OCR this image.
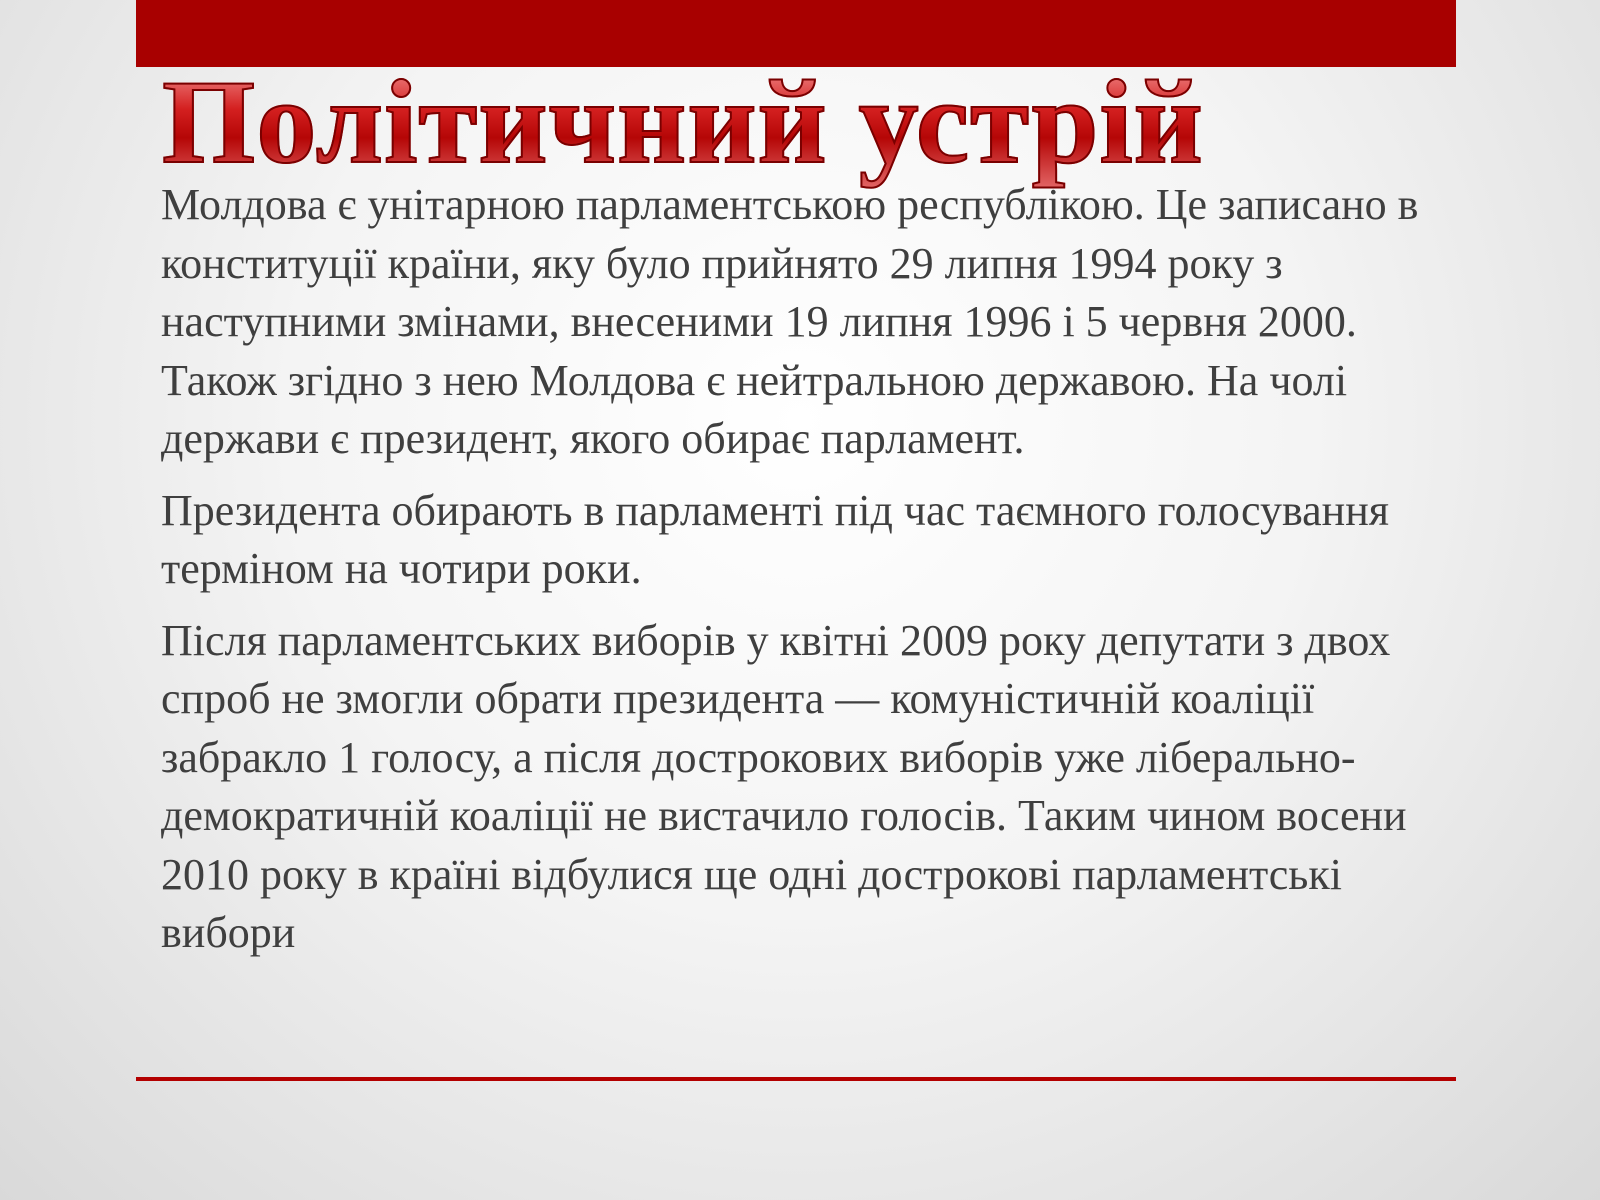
Політичний устрій

Молдова є унітарною парламентською республікою. Це записано в конституції країни, яку було прийнято 29 липня 1994 року з наступними змінами, внесеними 19 липня 1996 і 5 червня 2000. Також згідно з нею Молдова є нейтральною державою. На чолі держави є президент, якого обирає парламент.

Президента обирають в парламенті під час таємного голосування терміном на чотири роки.

Після парламентських виборів у квітні 2009 року депутати з двох спроб не змогли обрати президента — комуністичній коаліції забракло 1 голосу, а після дострокових виборів уже ліберально-демократичній коаліції не вистачило голосів. Таким чином восени 2010 року в країні відбулися ще одні дострокові парламентські вибори
